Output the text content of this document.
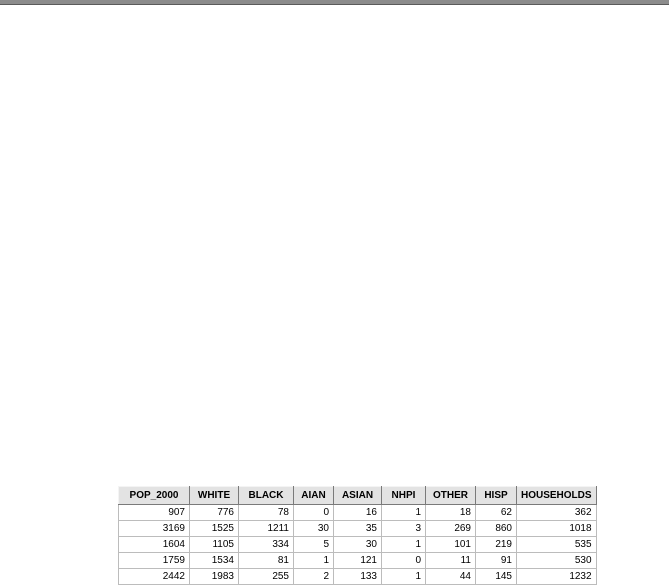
POP_2000	WHITE	BLACK	AIAN	ASIAN	NHPI	OTHER	HISP	HOUSEHOLDS
907	776	78	0	16	1	18	62	362
3169	1525	1211	30	35	3	269	860	1018
1604	1105	334	5	30	1	101	219	535
1759	1534	81	1	121	0	11	91	530
2442	1983	255	2	133	1	44	145	1232
